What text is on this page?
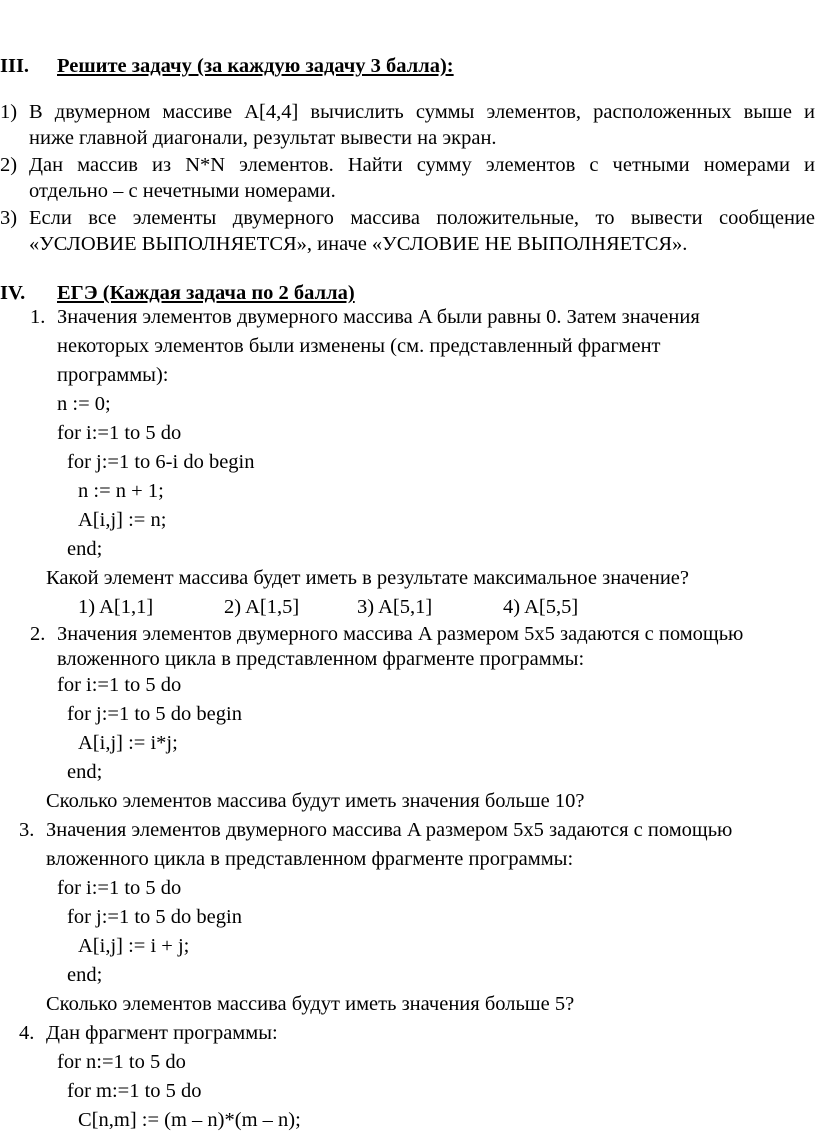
III. Решите задачу (за каждую задачу 3 балла):
1) В двумерном массиве А[4,4] вычислить суммы элементов, расположенных выше и
ниже главной диагонали, результат вывести на экран.
2) Дан массив из N*N элементов. Найти сумму элементов с четными номерами и
отдельно – с нечетными номерами.
3) Если все элементы двумерного массива положительные, то вывести сообщение
«УСЛОВИЕ ВЫПОЛНЯЕТСЯ», иначе «УСЛОВИЕ НЕ ВЫПОЛНЯЕТСЯ».
IV. ЕГЭ (Каждая задача по 2 балла)
1. Значения элементов двумерного массива A были равны 0. Затем значения
некоторых элементов были изменены (см. представленный фрагмент
программы):
n := 0;
for i:=1 to 5 do
for j:=1 to 6-i do begin
n := n + 1;
A[i,j] := n;
end;
Какой элемент массива будет иметь в результате максимальное значение?
1) A[1,1]	2) A[1,5]	3) A[5,1]	4) A[5,5]
2. Значения элементов двумерного массива A размером 5x5 задаются с помощью
вложенного цикла в представленном фрагменте программы:
for i:=1 to 5 do
for j:=1 to 5 do begin
A[i,j] := i*j;
end;
Сколько элементов массива будут иметь значения больше 10?
3. Значения элементов двумерного массива A размером 5x5 задаются с помощью
вложенного цикла в представленном фрагменте программы:
for i:=1 to 5 do
for j:=1 to 5 do begin
A[i,j] := i + j;
end;
Сколько элементов массива будут иметь значения больше 5?
4. Дан фрагмент программы:
for n:=1 to 5 do
for m:=1 to 5 do
C[n,m] := (m – n)*(m – n);
